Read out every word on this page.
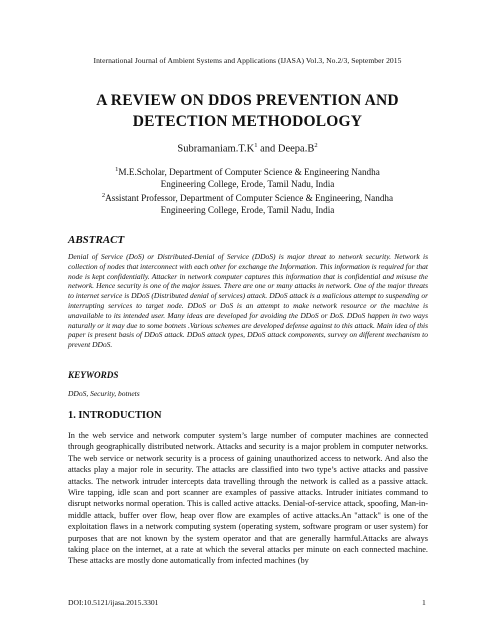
International Journal of Ambient Systems and Applications (IJASA) Vol.3, No.2/3, September 2015
A REVIEW ON DDOS PREVENTION AND
DETECTION METHODOLOGY
$Subramaniam.T.K^1$ and $Deepa.B^2$
$^1$M.E.Scholar, Department of Computer Science & Engineering Nandha
Engineering College, Erode, Tamil Nadu, India
$^2$Assistant Professor, Department of Computer Science & Engineering, Nandha
Engineering College, Erode, Tamil Nadu, India
ABSTRACT
Denial of Service (DoS) or Distributed-Denial of Service (DDoS) is major threat to network security. Network is collection of nodes that interconnect with each other for exchange the Information. This information is required for that node is kept confidentially. Attacker in network computer captures this information that is confidential and misuse the network. Hence security is one of the major issues. There are one or many attacks in network. One of the major threats to internet service is DDoS (Distributed denial of services) attack. DDoS attack is a malicious attempt to suspending or interrupting services to target node. DDoS or DoS is an attempt to make network resource or the machine is unavailable to its intended user. Many ideas are developed for avoiding the DDoS or DoS. DDoS happen in two ways naturally or it may due to some botnets .Various schemes are developed defense against to this attack. Main idea of this paper is present basis of DDoS attack. DDoS attack types, DDoS attack components, survey on different mechanism to prevent DDoS.
KEYWORDS
DDoS, Security, botnets
1. INTRODUCTION
In the web service and network computer system’s large number of computer machines are connected through geographically distributed network. Attacks and security is a major problem in computer networks. The web service or network security is a process of gaining unauthorized access to network. And also the attacks play a major role in security. The attacks are classified into two type’s active attacks and passive attacks. The network intruder intercepts data travelling through the network is called as a passive attack. Wire tapping, idle scan and port scanner are examples of passive attacks. Intruder initiates command to disrupt networks normal operation. This is called active attacks. Denial-of-service attack, spoofing, Man-in-middle attack, buffer over flow, heap over flow are examples of active attacks.An "attack" is one of the exploitation flaws in a network computing system (operating system, software program or user system) for purposes that are not known by the system operator and that are generally harmful.Attacks are always taking place on the internet, at a rate at which the several attacks per minute on each connected machine. These attacks are mostly done automatically from infected machines (by
DOI:10.5121/ijasa.2015.3301	1
